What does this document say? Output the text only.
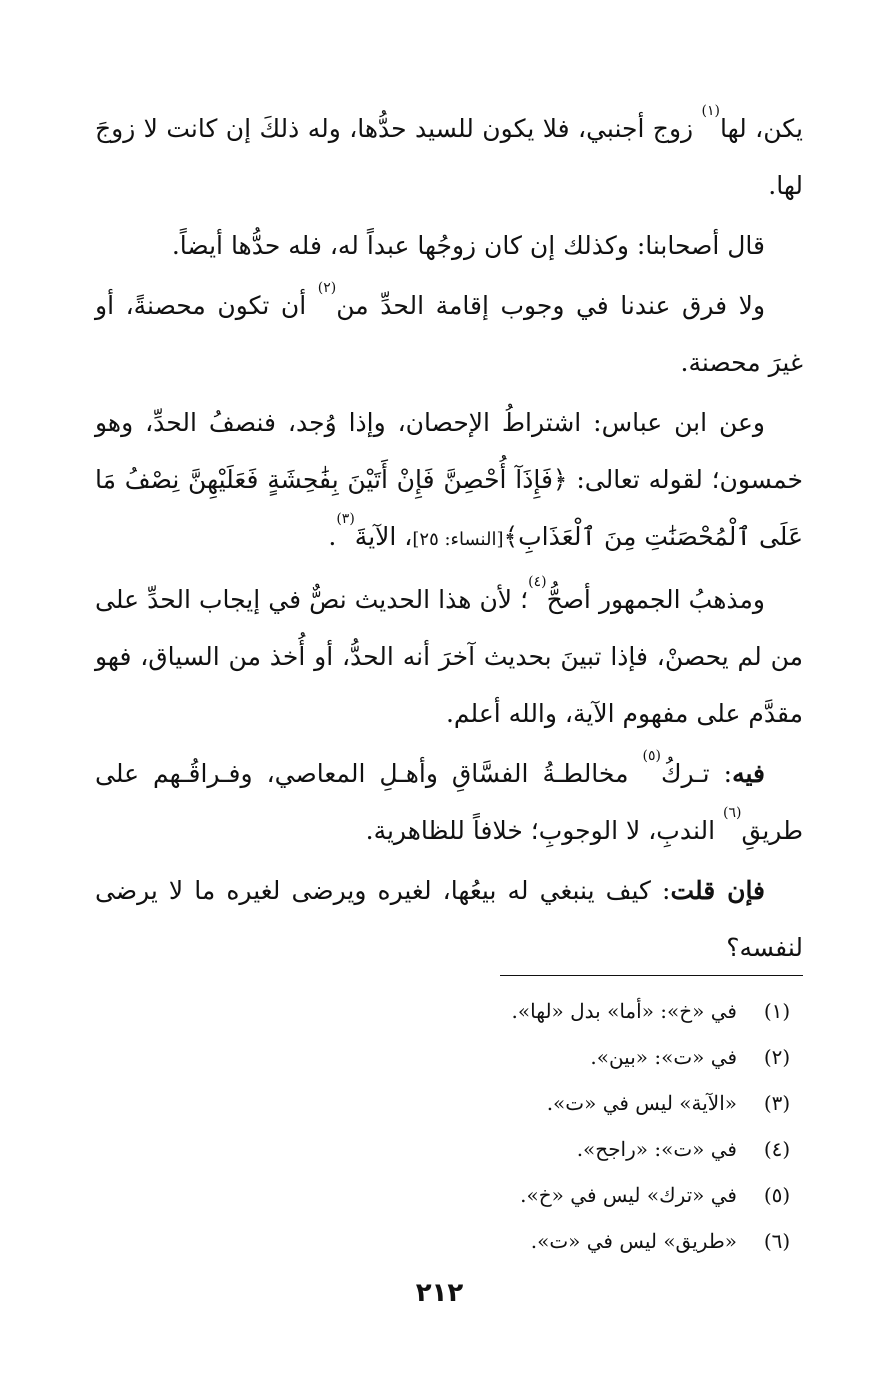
يكن، لها$^{(١)}$ زوج أجنبي، فلا يكون للسيد حدُّها، وله ذلكَ إن كانت لا زوجَ لها.

قال أصحابنا: وكذلك إن كان زوجُها عبداً له، فله حدُّها أيضاً.

ولا فرق عندنا في وجوب إقامة الحدِّ من$^{(٢)}$ أن تكون محصنةً، أو غيرَ محصنة.

وعن ابن عباس: اشتراطُ الإحصان، وإذا وُجد، فنصفُ الحدِّ، وهو خمسون؛ لقوله تعالى: ﴿فَإِذَآ أُحْصِنَّ فَإِنْ أَتَيْنَ بِفَٰحِشَةٍ فَعَلَيْهِنَّ نِصْفُ مَا عَلَى ٱلْمُحْصَنَٰتِ مِنَ ٱلْعَذَابِ﴾[النساء: ٢٥]، الآيةَ$^{(٣)}$.

ومذهبُ الجمهور أصحُّ$^{(٤)}$؛ لأن هذا الحديث نصٌّ في إيجاب الحدِّ على من لم يحصنْ، فإذا تبينَ بحديث آخرَ أنه الحدُّ، أو أُخذ من السياق، فهو مقدَّم على مفهوم الآية، والله أعلم.

فيه: تـركُ$^{(٥)}$ مخالطـةُ الفسَّاقِ وأهـلِ المعاصي، وفـراقُـهم على طريقِ$^{(٦)}$ الندبِ، لا الوجوبِ؛ خلافاً للظاهرية.

فإن قلت: كيف ينبغي له بيعُها، لغيره ويرضى لغيره ما لا يرضى لنفسه؟

(١)
في «خ»: «أما» بدل «لها».
(٢)
في «ت»: «بين».
(٣)
«الآية» ليس في «ت».
(٤)
في «ت»: «راجح».
(٥)
في «ترك» ليس في «خ».
(٦)
«طريق» ليس في «ت».
٢١٢
